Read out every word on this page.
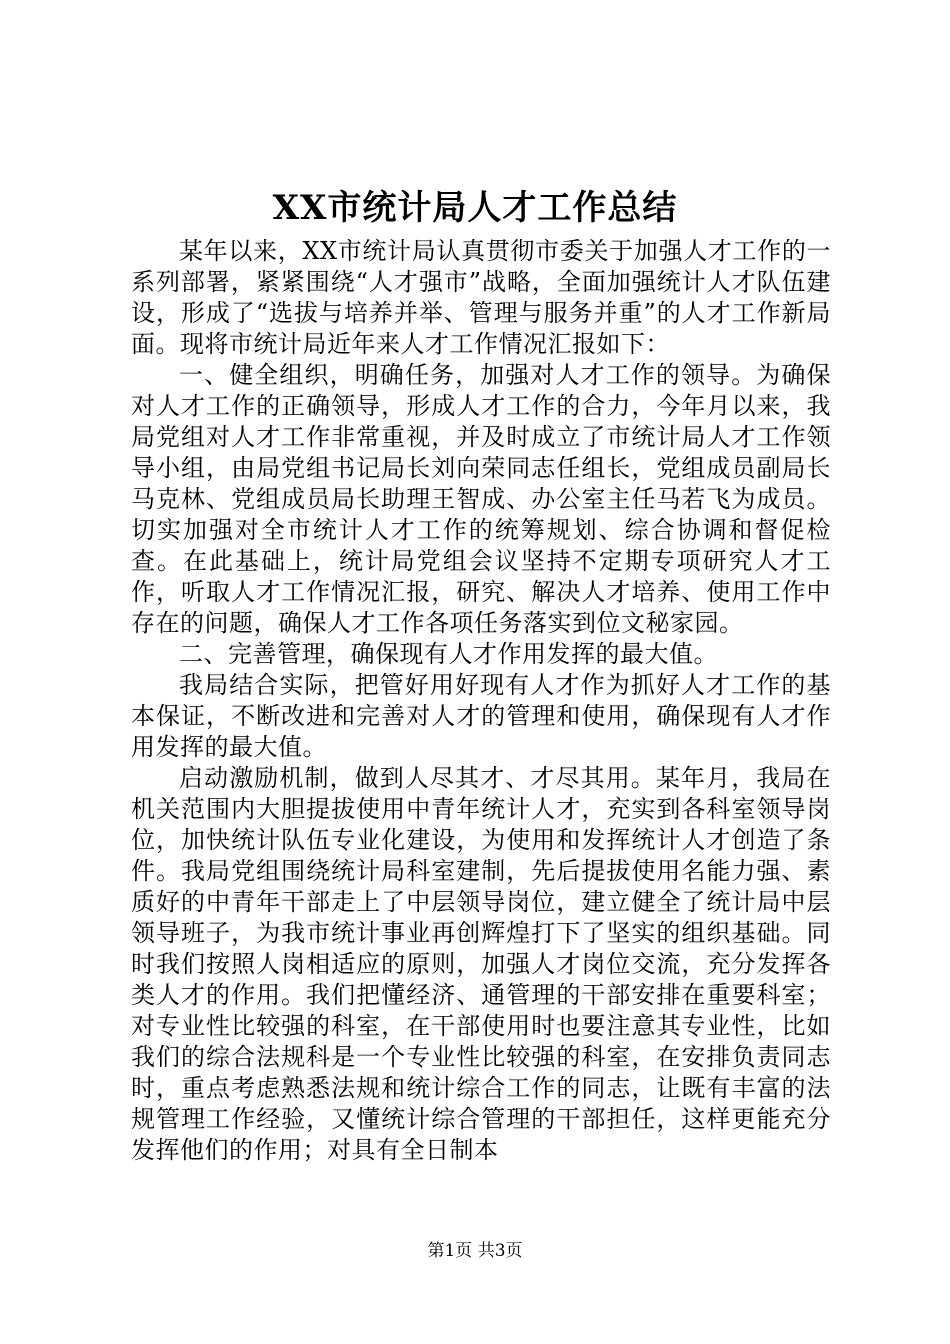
XX市统计局人才工作总结

某年以来，XX市统计局认真贯彻市委关于加强人才工作的一系列部署，紧紧围绕“人才强市”战略，全面加强统计人才队伍建设，形成了“选拔与培养并举、管理与服务并重”的人才工作新局面。现将市统计局近年来人才工作情况汇报如下：

一、健全组织，明确任务，加强对人才工作的领导。为确保对人才工作的正确领导，形成人才工作的合力，今年月以来，我局党组对人才工作非常重视，并及时成立了市统计局人才工作领导小组，由局党组书记局长刘向荣同志任组长，党组成员副局长马克林、党组成员局长助理王智成、办公室主任马若飞为成员。切实加强对全市统计人才工作的统筹规划、综合协调和督促检查。在此基础上，统计局党组会议坚持不定期专项研究人才工作，听取人才工作情况汇报，研究、解决人才培养、使用工作中存在的问题，确保人才工作各项任务落实到位文秘家园。

二、完善管理，确保现有人才作用发挥的最大值。

我局结合实际，把管好用好现有人才作为抓好人才工作的基本保证，不断改进和完善对人才的管理和使用，确保现有人才作用发挥的最大值。

启动激励机制，做到人尽其才、才尽其用。某年月，我局在机关范围内大胆提拔使用中青年统计人才，充实到各科室领导岗位，加快统计队伍专业化建设，为使用和发挥统计人才创造了条件。我局党组围绕统计局科室建制，先后提拔使用名能力强、素质好的中青年干部走上了中层领导岗位，建立健全了统计局中层领导班子，为我市统计事业再创辉煌打下了坚实的组织基础。同时我们按照人岗相适应的原则，加强人才岗位交流，充分发挥各类人才的作用。我们把懂经济、通管理的干部安排在重要科室；对专业性比较强的科室，在干部使用时也要注意其专业性，比如我们的综合法规科是一个专业性比较强的科室，在安排负责同志时，重点考虑熟悉法规和统计综合工作的同志，让既有丰富的法规管理工作经验，又懂统计综合管理的干部担任，这样更能充分发挥他们的作用；对具有全日制本

第1页 共3页
